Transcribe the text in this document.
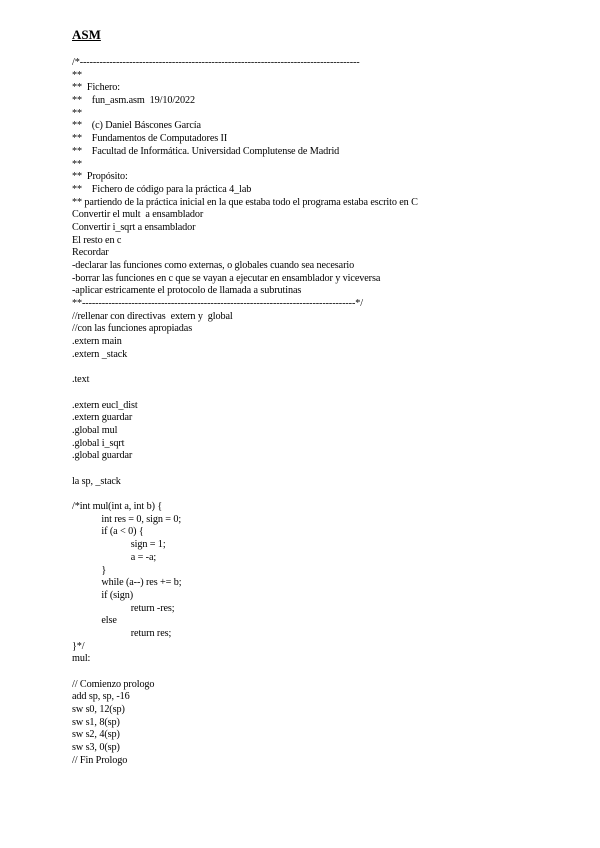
ASM
/*-------------------------------------------------------------------------------------
**
**  Fichero:
**    fun_asm.asm  19/10/2022
**
**    (c) Daniel Báscones García
**    Fundamentos de Computadores II
**    Facultad de Informática. Universidad Complutense de Madrid
**
**  Propósito:
**    Fichero de código para la práctica 4_lab
** partiendo de la práctica inicial en la que estaba todo el programa estaba escrito en C
Convertir el mult  a ensamblador
Convertir i_sqrt a ensamblador
El resto en c
Recordar
-declarar las funciones como externas, o globales cuando sea necesario
-borrar las funciones en c que se vayan a ejecutar en ensamblador y viceversa
-aplicar estricamente el protocolo de llamada a subrutinas
**-----------------------------------------------------------------------------------*/
//rellenar con directivas  extern y  global
//con las funciones apropiadas
.extern main
.extern _stack
.text
.extern eucl_dist
.extern guardar
.global mul
.global i_sqrt
.global guardar
la sp, _stack
/*int mul(int a, int b) {
int res = 0, sign = 0;
if (a < 0) {
sign = 1;
a = -a;
}
while (a--) res += b;
if (sign)
return -res;
else
return res;
}*/
mul:
// Comienzo prologo
add sp, sp, -16
sw s0, 12(sp)
sw s1, 8(sp)
sw s2, 4(sp)
sw s3, 0(sp)
// Fin Prologo
